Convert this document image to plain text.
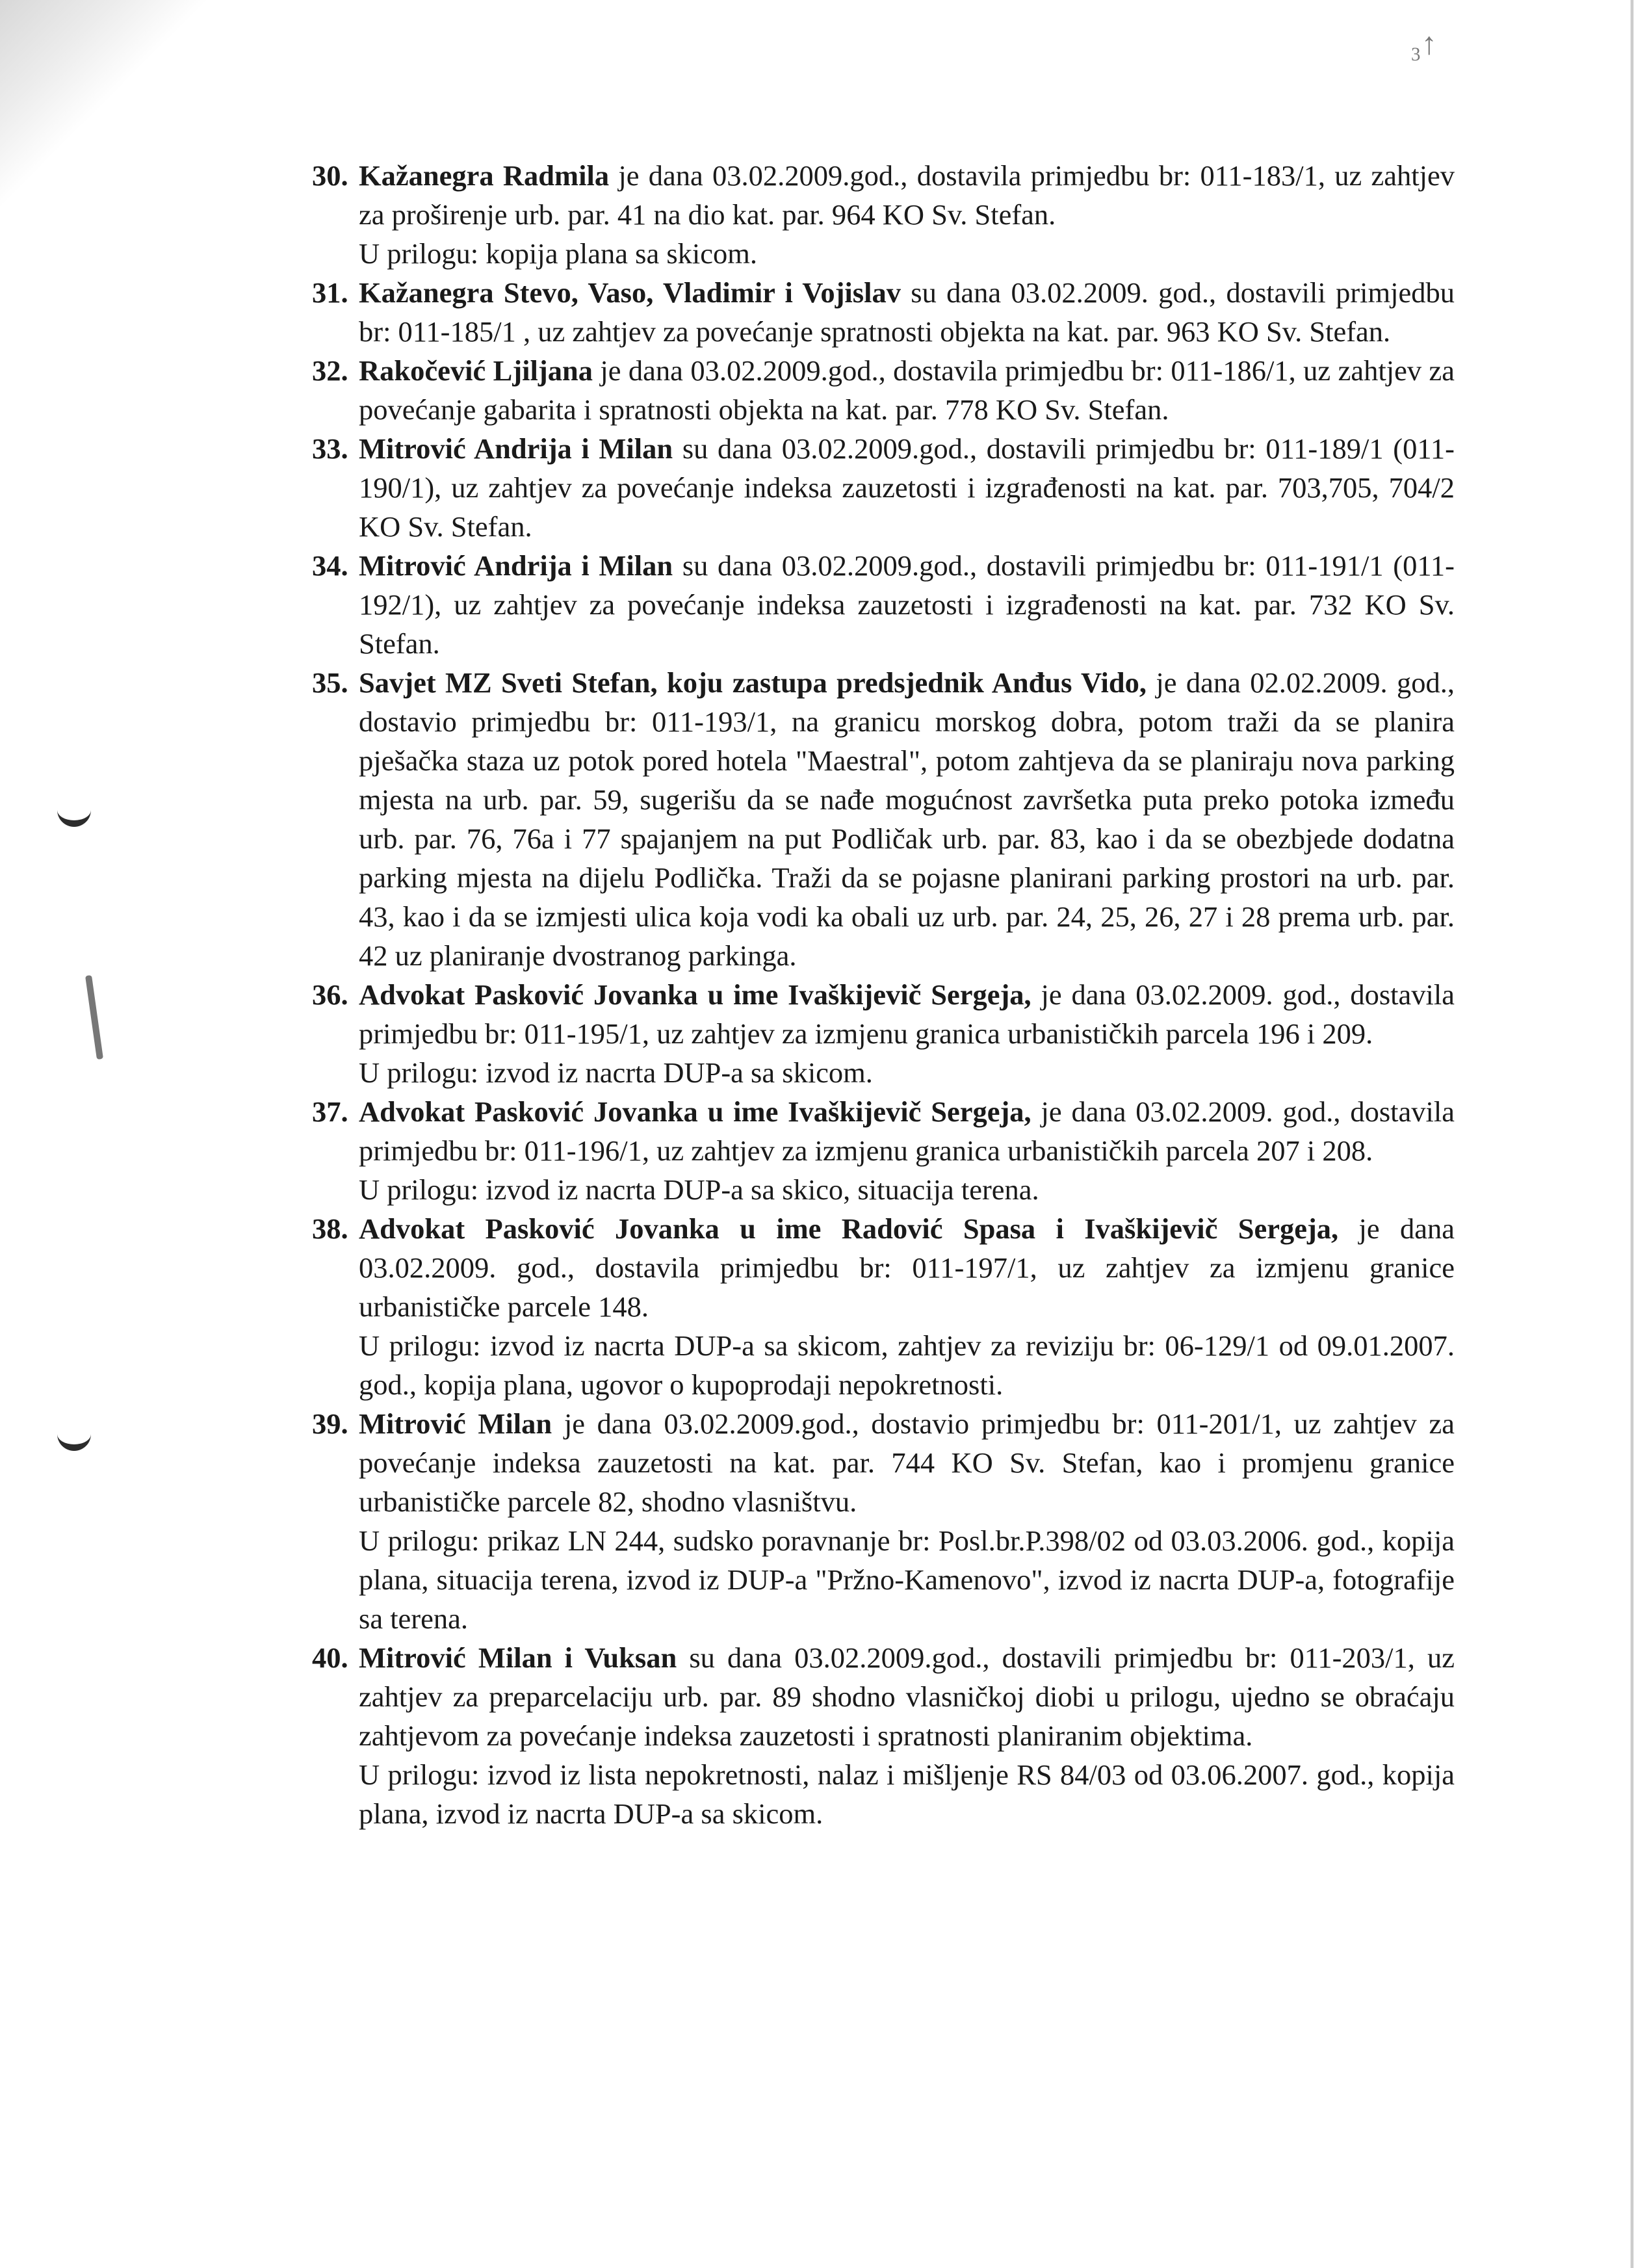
₃↑
30. Kažanegra Radmila je dana 03.02.2009.god., dostavila primjedbu br: 011-183/1, uz zahtjev za proširenje urb. par. 41 na dio kat. par. 964 KO Sv. Stefan.
U prilogu: kopija plana sa skicom.
31. Kažanegra Stevo, Vaso, Vladimir i Vojislav su dana 03.02.2009. god., dostavili primjedbu br: 011-185/1 , uz zahtjev za povećanje spratnosti objekta na kat. par. 963 KO Sv. Stefan.
32. Rakočević Ljiljana je dana 03.02.2009.god., dostavila primjedbu br: 011-186/1, uz zahtjev za povećanje gabarita i spratnosti objekta na kat. par. 778 KO Sv. Stefan.
33. Mitrović Andrija i Milan su dana 03.02.2009.god., dostavili primjedbu br: 011-189/1 (011-190/1), uz zahtjev za povećanje indeksa zauzetosti i izgrađenosti na kat. par. 703,705, 704/2 KO Sv. Stefan.
34. Mitrović Andrija i Milan su dana 03.02.2009.god., dostavili primjedbu br: 011-191/1 (011-192/1), uz zahtjev za povećanje indeksa zauzetosti i izgrađenosti na kat. par. 732 KO Sv. Stefan.
35. Savjet MZ Sveti Stefan, koju zastupa predsjednik Anđus Vido, je dana 02.02.2009. god., dostavio primjedbu br: 011-193/1, na granicu morskog dobra, potom traži da se planira pješačka staza uz potok pored hotela "Maestral", potom zahtjeva da se planiraju nova parking mjesta na urb. par. 59, sugerišu da se nađe mogućnost završetka puta preko potoka između urb. par. 76, 76a i 77 spajanjem na put Podličak urb. par. 83, kao i da se obezbjede dodatna parking mjesta na dijelu Podlička. Traži da se pojasne planirani parking prostori na urb. par. 43, kao i da se izmjesti ulica koja vodi ka obali uz urb. par. 24, 25, 26, 27 i 28 prema urb. par. 42 uz planiranje dvostranog parkinga.
36. Advokat Pasković Jovanka u ime Ivaškijevič Sergeja, je dana 03.02.2009. god., dostavila primjedbu br: 011-195/1, uz zahtjev za izmjenu granica urbanističkih parcela 196 i 209.
U prilogu: izvod iz nacrta DUP-a sa skicom.
37. Advokat Pasković Jovanka u ime Ivaškijevič Sergeja, je dana 03.02.2009. god., dostavila primjedbu br: 011-196/1, uz zahtjev za izmjenu granica urbanističkih parcela 207 i 208.
U prilogu: izvod iz nacrta DUP-a sa skico, situacija terena.
38. Advokat Pasković Jovanka u ime Radović Spasa i Ivaškijevič Sergeja, je dana 03.02.2009. god., dostavila primjedbu br: 011-197/1, uz zahtjev za izmjenu granice urbanističke parcele 148.
U prilogu: izvod iz nacrta DUP-a sa skicom, zahtjev za reviziju br: 06-129/1 od 09.01.2007. god., kopija plana, ugovor o kupoprodaji nepokretnosti.
39. Mitrović Milan je dana 03.02.2009.god., dostavio primjedbu br: 011-201/1, uz zahtjev za povećanje indeksa zauzetosti na kat. par. 744 KO Sv. Stefan, kao i promjenu granice urbanističke parcele 82, shodno vlasništvu.
U prilogu: prikaz LN 244, sudsko poravnanje br: Posl.br.P.398/02 od 03.03.2006. god., kopija plana, situacija terena, izvod iz DUP-a "Pržno-Kamenovo", izvod iz nacrta DUP-a, fotografije sa terena.
40. Mitrović Milan i Vuksan su dana 03.02.2009.god., dostavili primjedbu br: 011-203/1, uz zahtjev za preparcelaciju urb. par. 89 shodno vlasničkoj diobi u prilogu, ujedno se obraćaju zahtjevom za povećanje indeksa zauzetosti i spratnosti planiranim objektima.
U prilogu: izvod iz lista nepokretnosti, nalaz i mišljenje RS 84/03 od 03.06.2007. god., kopija plana, izvod iz nacrta DUP-a sa skicom.
